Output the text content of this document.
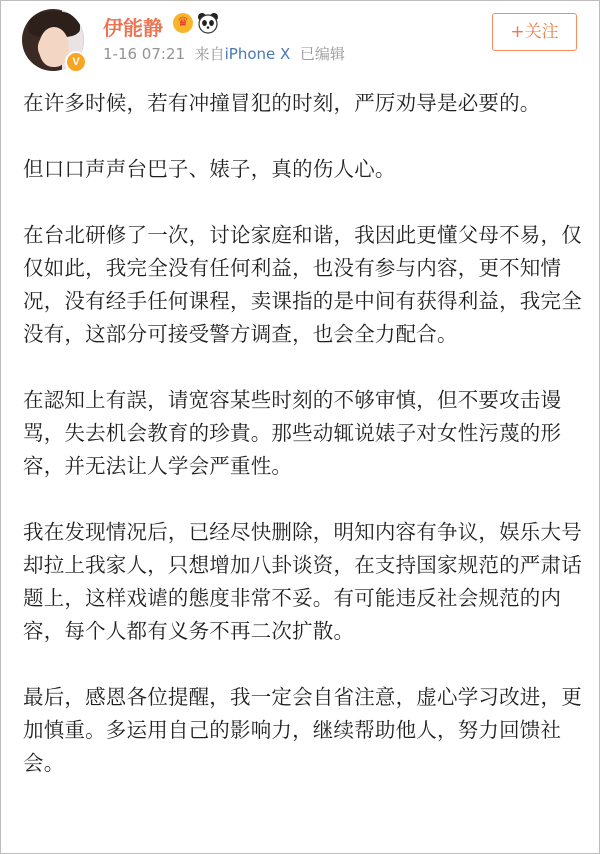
V
伊能静	♛
1-16 07:21 来自iPhone X 已编辑
+关注

在许多时候，若有冲撞冒犯的时刻，严厉劝导是必要的。

但口口声声台巴子、婊子，真的伤人心。

在台北研修了一次，讨论家庭和谐，我因此更懂父母不易，仅仅如此，我完全没有任何利益，也没有参与内容，更不知情况，没有经手任何课程，卖课指的是中间有获得利益，我完全没有，这部分可接受警方调查，也会全力配合。

在認知上有誤，请宽容某些时刻的不够审慎，但不要攻击谩骂，失去机会教育的珍貴。那些动辄说婊子对女性污蔑的形容，并无法让人学会严重性。

我在发现情况后，已经尽快删除，明知内容有争议，娱乐大号却拉上我家人，只想增加八卦谈资，在支持国家规范的严肃话题上，这样戏谑的態度非常不妥。有可能违反社会规范的内容，每个人都有义务不再二次扩散。

最后，感恩各位提醒，我一定会自省注意，虚心学习改进，更加慎重。多运用自己的影响力，继续帮助他人，努力回馈社会。
